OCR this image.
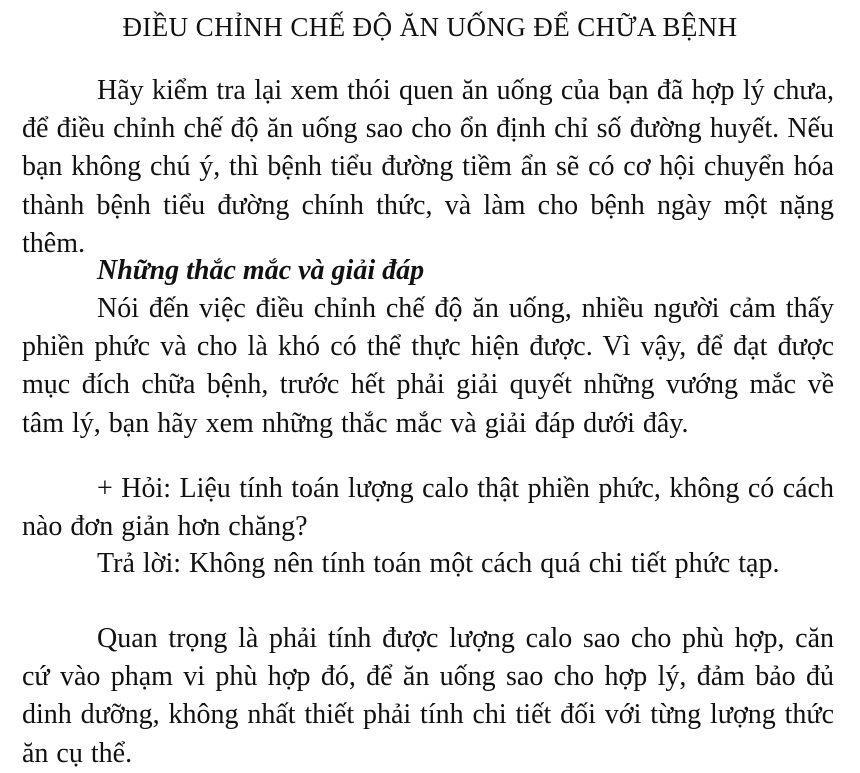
ĐIỀU CHỈNH CHẾ ĐỘ ĂN UỐNG ĐỂ CHỮA BỆNH

Hãy kiểm tra lại xem thói quen ăn uống của bạn đã hợp lý chưa, để điều chỉnh chế độ ăn uống sao cho ổn định chỉ số đường huyết. Nếu bạn không chú ý, thì bệnh tiểu đường tiềm ẩn sẽ có cơ hội chuyển hóa thành bệnh tiểu đường chính thức, và làm cho bệnh ngày một nặng thêm.

Những thắc mắc và giải đáp

Nói đến việc điều chỉnh chế độ ăn uống, nhiều người cảm thấy phiền phức và cho là khó có thể thực hiện được. Vì vậy, để đạt được mục đích chữa bệnh, trước hết phải giải quyết những vướng mắc về tâm lý, bạn hãy xem những thắc mắc và giải đáp dưới đây.

+ Hỏi: Liệu tính toán lượng calo thật phiền phức, không có cách nào đơn giản hơn chăng?

Trả lời: Không nên tính toán một cách quá chi tiết phức tạp.

Quan trọng là phải tính được lượng calo sao cho phù hợp, căn cứ vào phạm vi phù hợp đó, để ăn uống sao cho hợp lý, đảm bảo đủ dinh dưỡng, không nhất thiết phải tính chi tiết đối với từng lượng thức ăn cụ thể.
